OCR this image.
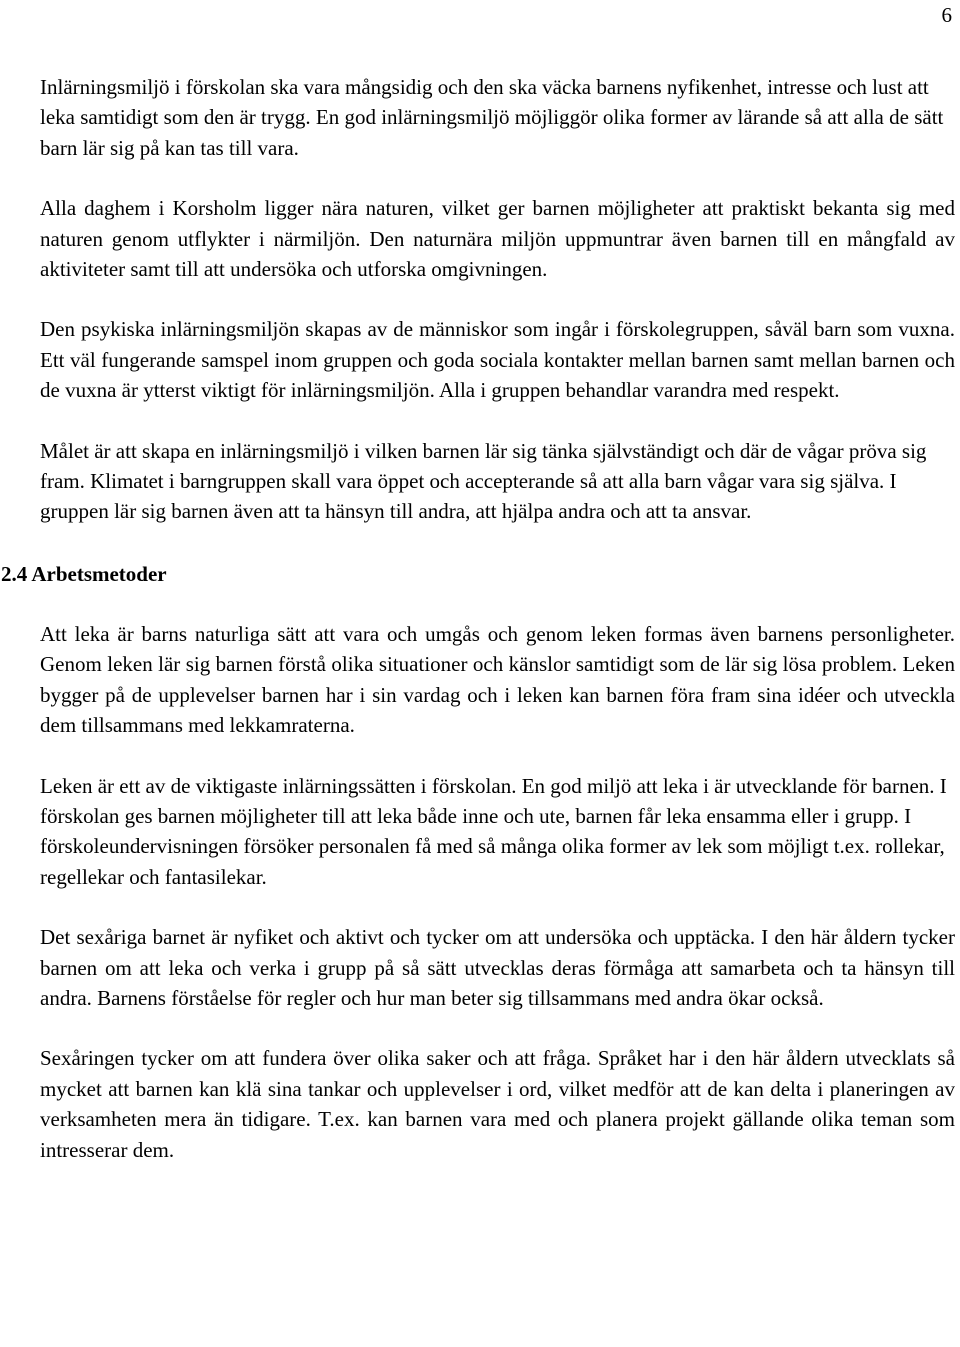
6

Inlärningsmiljö i förskolan ska vara mångsidig och den ska väcka barnens nyfikenhet, intresse och lust att leka samtidigt som den är trygg. En god inlärningsmiljö möjliggör olika former av lärande så att alla de sätt barn lär sig på kan tas till vara.

Alla daghem i Korsholm ligger nära naturen, vilket ger barnen möjligheter att praktiskt bekanta sig med naturen genom utflykter i närmiljön. Den naturnära miljön uppmuntrar även barnen till en mångfald av aktiviteter samt till att undersöka och utforska omgivningen.

Den psykiska inlärningsmiljön skapas av de människor som ingår i förskolegruppen, såväl barn som vuxna. Ett väl fungerande samspel inom gruppen och goda sociala kontakter mellan barnen samt mellan barnen och de vuxna är ytterst viktigt för inlärningsmiljön. Alla i gruppen behandlar varandra med respekt.

Målet är att skapa en inlärningsmiljö i vilken barnen lär sig tänka självständigt och där de vågar pröva sig fram. Klimatet i barngruppen skall vara öppet och accepterande så att alla barn vågar vara sig själva. I gruppen lär sig barnen även att ta hänsyn till andra, att hjälpa andra och att ta ansvar.

2.4 Arbetsmetoder

Att leka är barns naturliga sätt att vara och umgås och genom leken formas även barnens personligheter. Genom leken lär sig barnen förstå olika situationer och känslor samtidigt som de lär sig lösa problem. Leken bygger på de upplevelser barnen har i sin vardag och i leken kan barnen föra fram sina idéer och utveckla dem tillsammans med lekkamraterna.

Leken är ett av de viktigaste inlärningssätten i förskolan. En god miljö att leka i är utvecklande för barnen. I förskolan ges barnen möjligheter till att leka både inne och ute, barnen får leka ensamma eller i grupp. I förskoleundervisningen försöker personalen få med så många olika former av lek som möjligt t.ex. rollekar, regellekar och fantasilekar.

Det sexåriga barnet är nyfiket och aktivt och tycker om att undersöka och upptäcka. I den här åldern tycker barnen om att leka och verka i grupp på så sätt utvecklas deras förmåga att samarbeta och ta hänsyn till andra. Barnens förståelse för regler och hur man beter sig tillsammans med andra ökar också.

Sexåringen tycker om att fundera över olika saker och att fråga. Språket har i den här åldern utvecklats så mycket att barnen kan klä sina tankar och upplevelser i ord, vilket medför att de kan delta i planeringen av verksamheten mera än tidigare. T.ex. kan barnen vara med och planera projekt gällande olika teman som intresserar dem.
